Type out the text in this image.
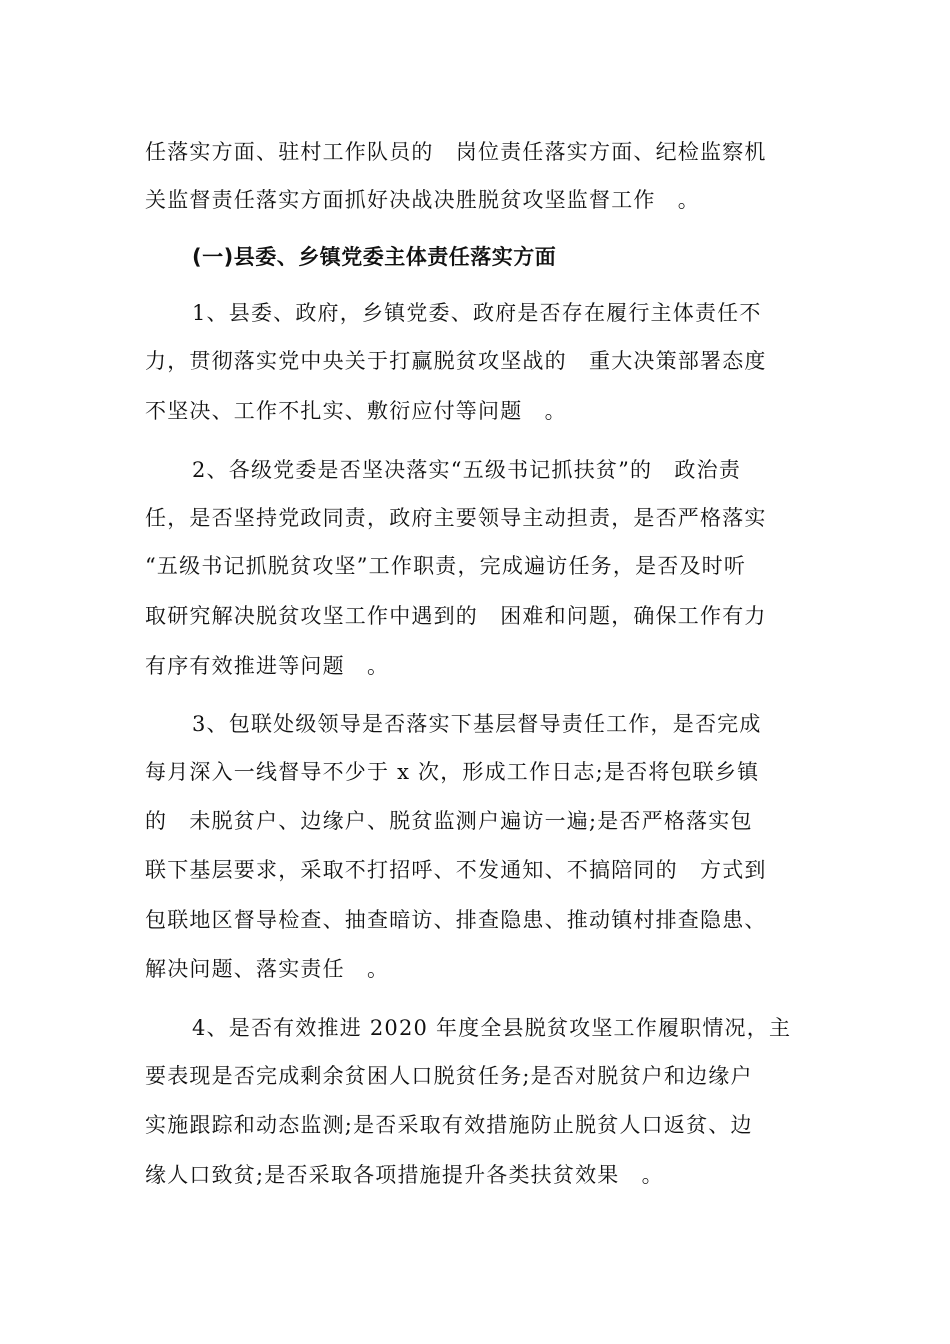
任落实方面、驻村工作队员的　岗位责任落实方面、纪检监察机

关监督责任落实方面抓好决战决胜脱贫攻坚监督工作　。

(一)县委、乡镇党委主体责任落实方面

1、县委、政府，乡镇党委、政府是否存在履行主体责任不

力，贯彻落实党中央关于打赢脱贫攻坚战的　重大决策部署态度

不坚决、工作不扎实、敷衍应付等问题　。

2、各级党委是否坚决落实“五级书记抓扶贫”的　政治责

任，是否坚持党政同责，政府主要领导主动担责，是否严格落实

“五级书记抓脱贫攻坚”工作职责，完成遍访任务，是否及时听

取研究解决脱贫攻坚工作中遇到的　困难和问题，确保工作有力

有序有效推进等问题　。

3、包联处级领导是否落实下基层督导责任工作，是否完成

每月深入一线督导不少于 x 次，形成工作日志;是否将包联乡镇

的　未脱贫户、边缘户、脱贫监测户遍访一遍;是否严格落实包

联下基层要求，采取不打招呼、不发通知、不搞陪同的　方式到

包联地区督导检查、抽查暗访、排查隐患、推动镇村排查隐患、

解决问题、落实责任　。

4、是否有效推进 2020 年度全县脱贫攻坚工作履职情况，主

要表现是否完成剩余贫困人口脱贫任务;是否对脱贫户和边缘户

实施跟踪和动态监测;是否采取有效措施防止脱贫人口返贫、边

缘人口致贫;是否采取各项措施提升各类扶贫效果　。
